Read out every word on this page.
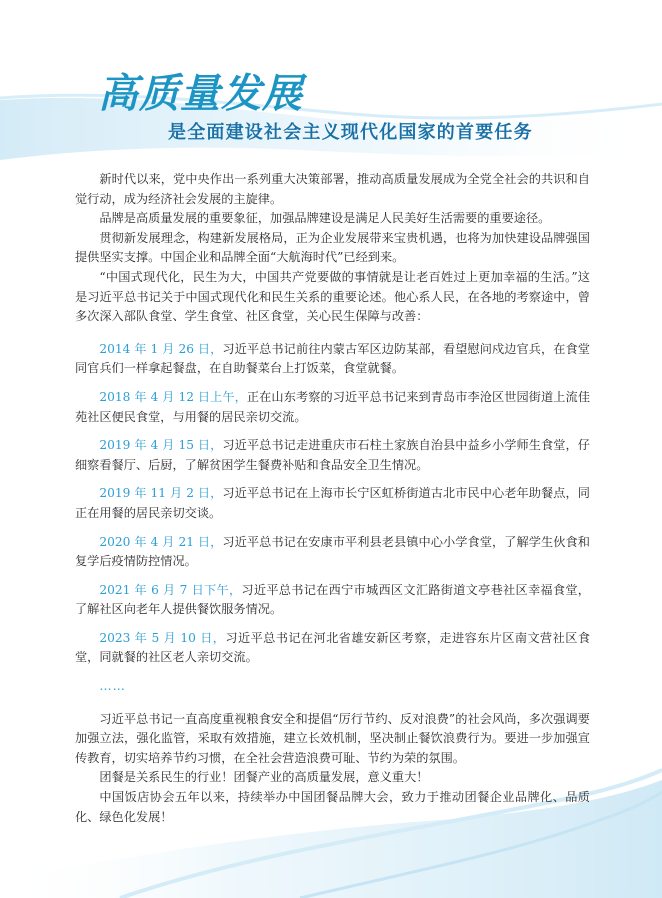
高质量发展
是全面建设社会主义现代化国家的首要任务

新时代以来，党中央作出一系列重大决策部署，推动高质量发展成为全党全社会的共识和自觉行动，成为经济社会发展的主旋律。

品牌是高质量发展的重要象征，加强品牌建设是满足人民美好生活需要的重要途径。

贯彻新发展理念，构建新发展格局，正为企业发展带来宝贵机遇，也将为加快建设品牌强国提供坚实支撑。中国企业和品牌全面“大航海时代”已经到来。

“中国式现代化，民生为大，中国共产党要做的事情就是让老百姓过上更加幸福的生活。”这是习近平总书记关于中国式现代化和民生关系的重要论述。他心系人民，在各地的考察途中，曾多次深入部队食堂、学生食堂、社区食堂，关心民生保障与改善：

2014 年 1 月 26 日，习近平总书记前往内蒙古军区边防某部，看望慰问戍边官兵，在食堂同官兵们一样拿起餐盘，在自助餐菜台上打饭菜，食堂就餐。

2018 年 4 月 12 日上午，正在山东考察的习近平总书记来到青岛市李沧区世园街道上流佳苑社区便民食堂，与用餐的居民亲切交流。

2019 年 4 月 15 日，习近平总书记走进重庆市石柱土家族自治县中益乡小学师生食堂，仔细察看餐厅、后厨，了解贫困学生餐费补贴和食品安全卫生情况。

2019 年 11 月 2 日，习近平总书记在上海市长宁区虹桥街道古北市民中心老年助餐点，同正在用餐的居民亲切交谈。

2020 年 4 月 21 日，习近平总书记在安康市平利县老县镇中心小学食堂，了解学生伙食和复学后疫情防控情况。

2021 年 6 月 7 日下午，习近平总书记在西宁市城西区文汇路街道文亭巷社区幸福食堂，了解社区向老年人提供餐饮服务情况。

2023 年 5 月 10 日，习近平总书记在河北省雄安新区考察，走进容东片区南文营社区食堂，同就餐的社区老人亲切交流。

……

习近平总书记一直高度重视粮食安全和提倡“厉行节约、反对浪费”的社会风尚，多次强调要加强立法，强化监管，采取有效措施，建立长效机制，坚决制止餐饮浪费行为。要进一步加强宣传教育，切实培养节约习惯，在全社会营造浪费可耻、节约为荣的氛围。

团餐是关系民生的行业！团餐产业的高质量发展，意义重大！

中国饭店协会五年以来，持续举办中国团餐品牌大会，致力于推动团餐企业品牌化、品质化、绿色化发展！
